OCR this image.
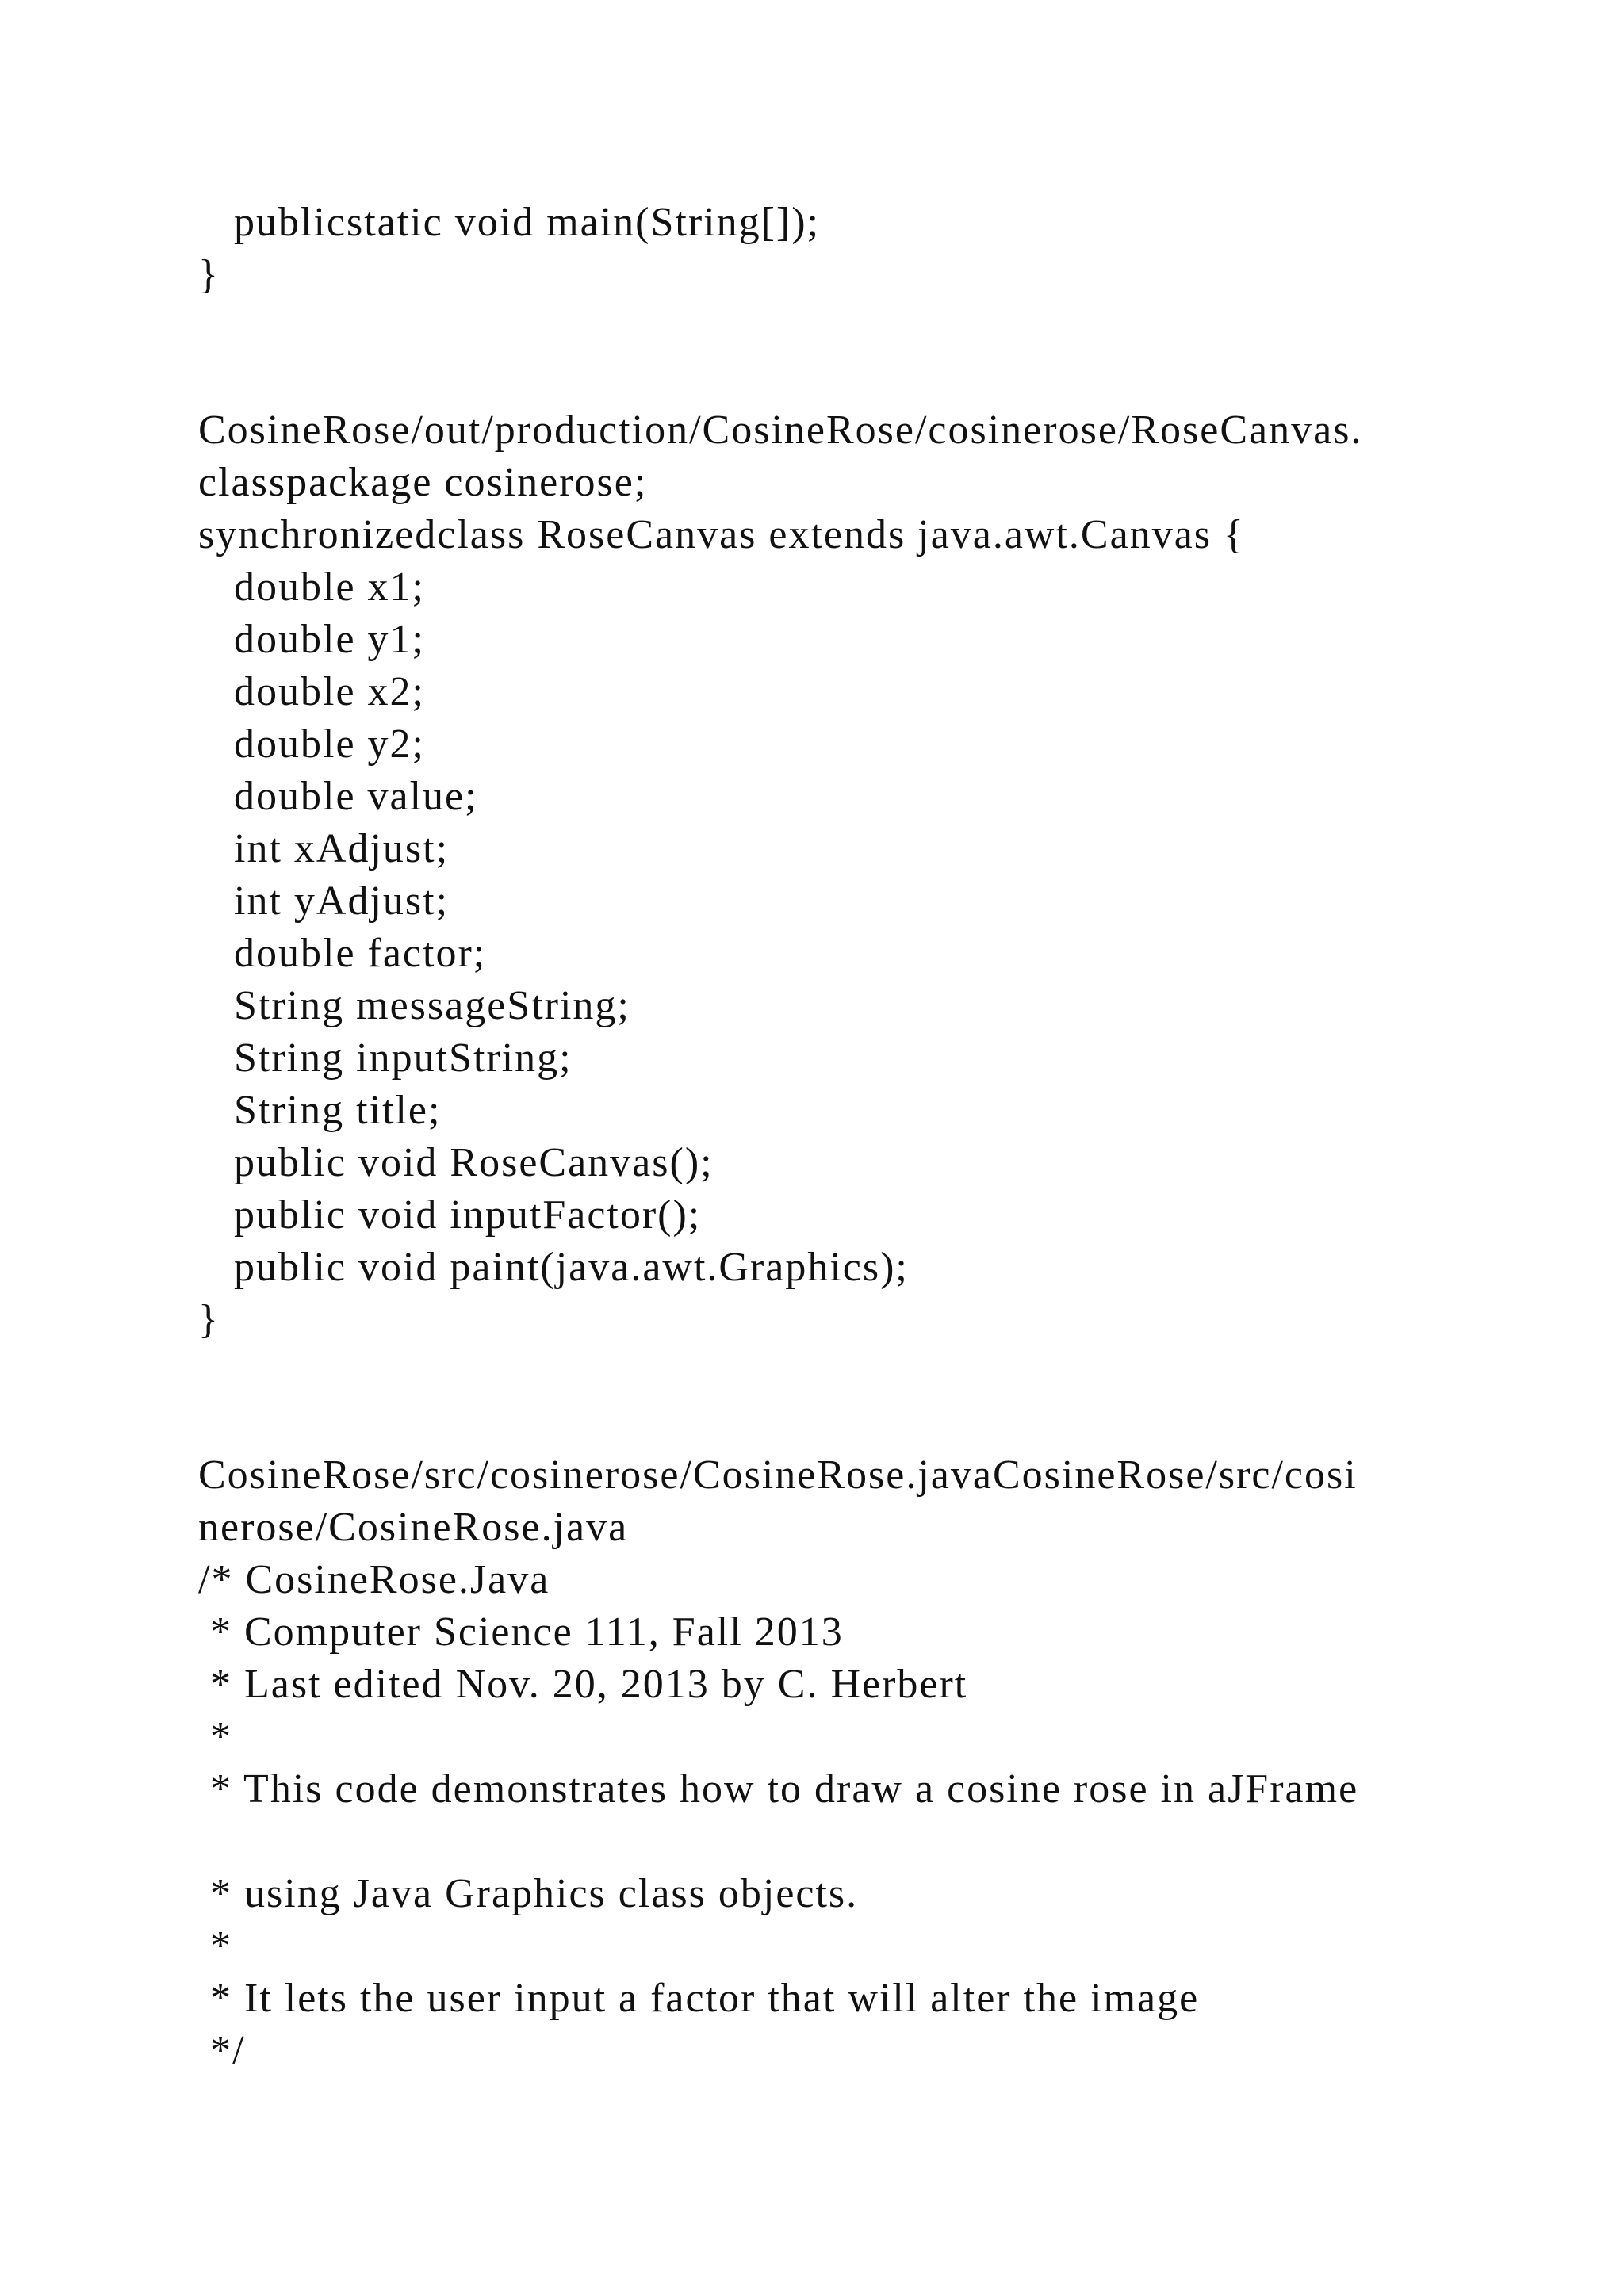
publicstatic void main(String[]);
}
CosineRose/out/production/CosineRose/cosinerose/RoseCanvas.
classpackage cosinerose;
synchronizedclass RoseCanvas extends java.awt.Canvas {
double x1;
double y1;
double x2;
double y2;
double value;
int xAdjust;
int yAdjust;
double factor;
String messageString;
String inputString;
String title;
public void RoseCanvas();
public void inputFactor();
public void paint(java.awt.Graphics);
}
CosineRose/src/cosinerose/CosineRose.javaCosineRose/src/cosi
nerose/CosineRose.java
/* CosineRose.Java
* Computer Science 111, Fall 2013
* Last edited Nov. 20, 2013 by C. Herbert
*
* This code demonstrates how to draw a cosine rose in aJFrame
* using Java Graphics class objects.
*
* It lets the user input a factor that will alter the image
*/
